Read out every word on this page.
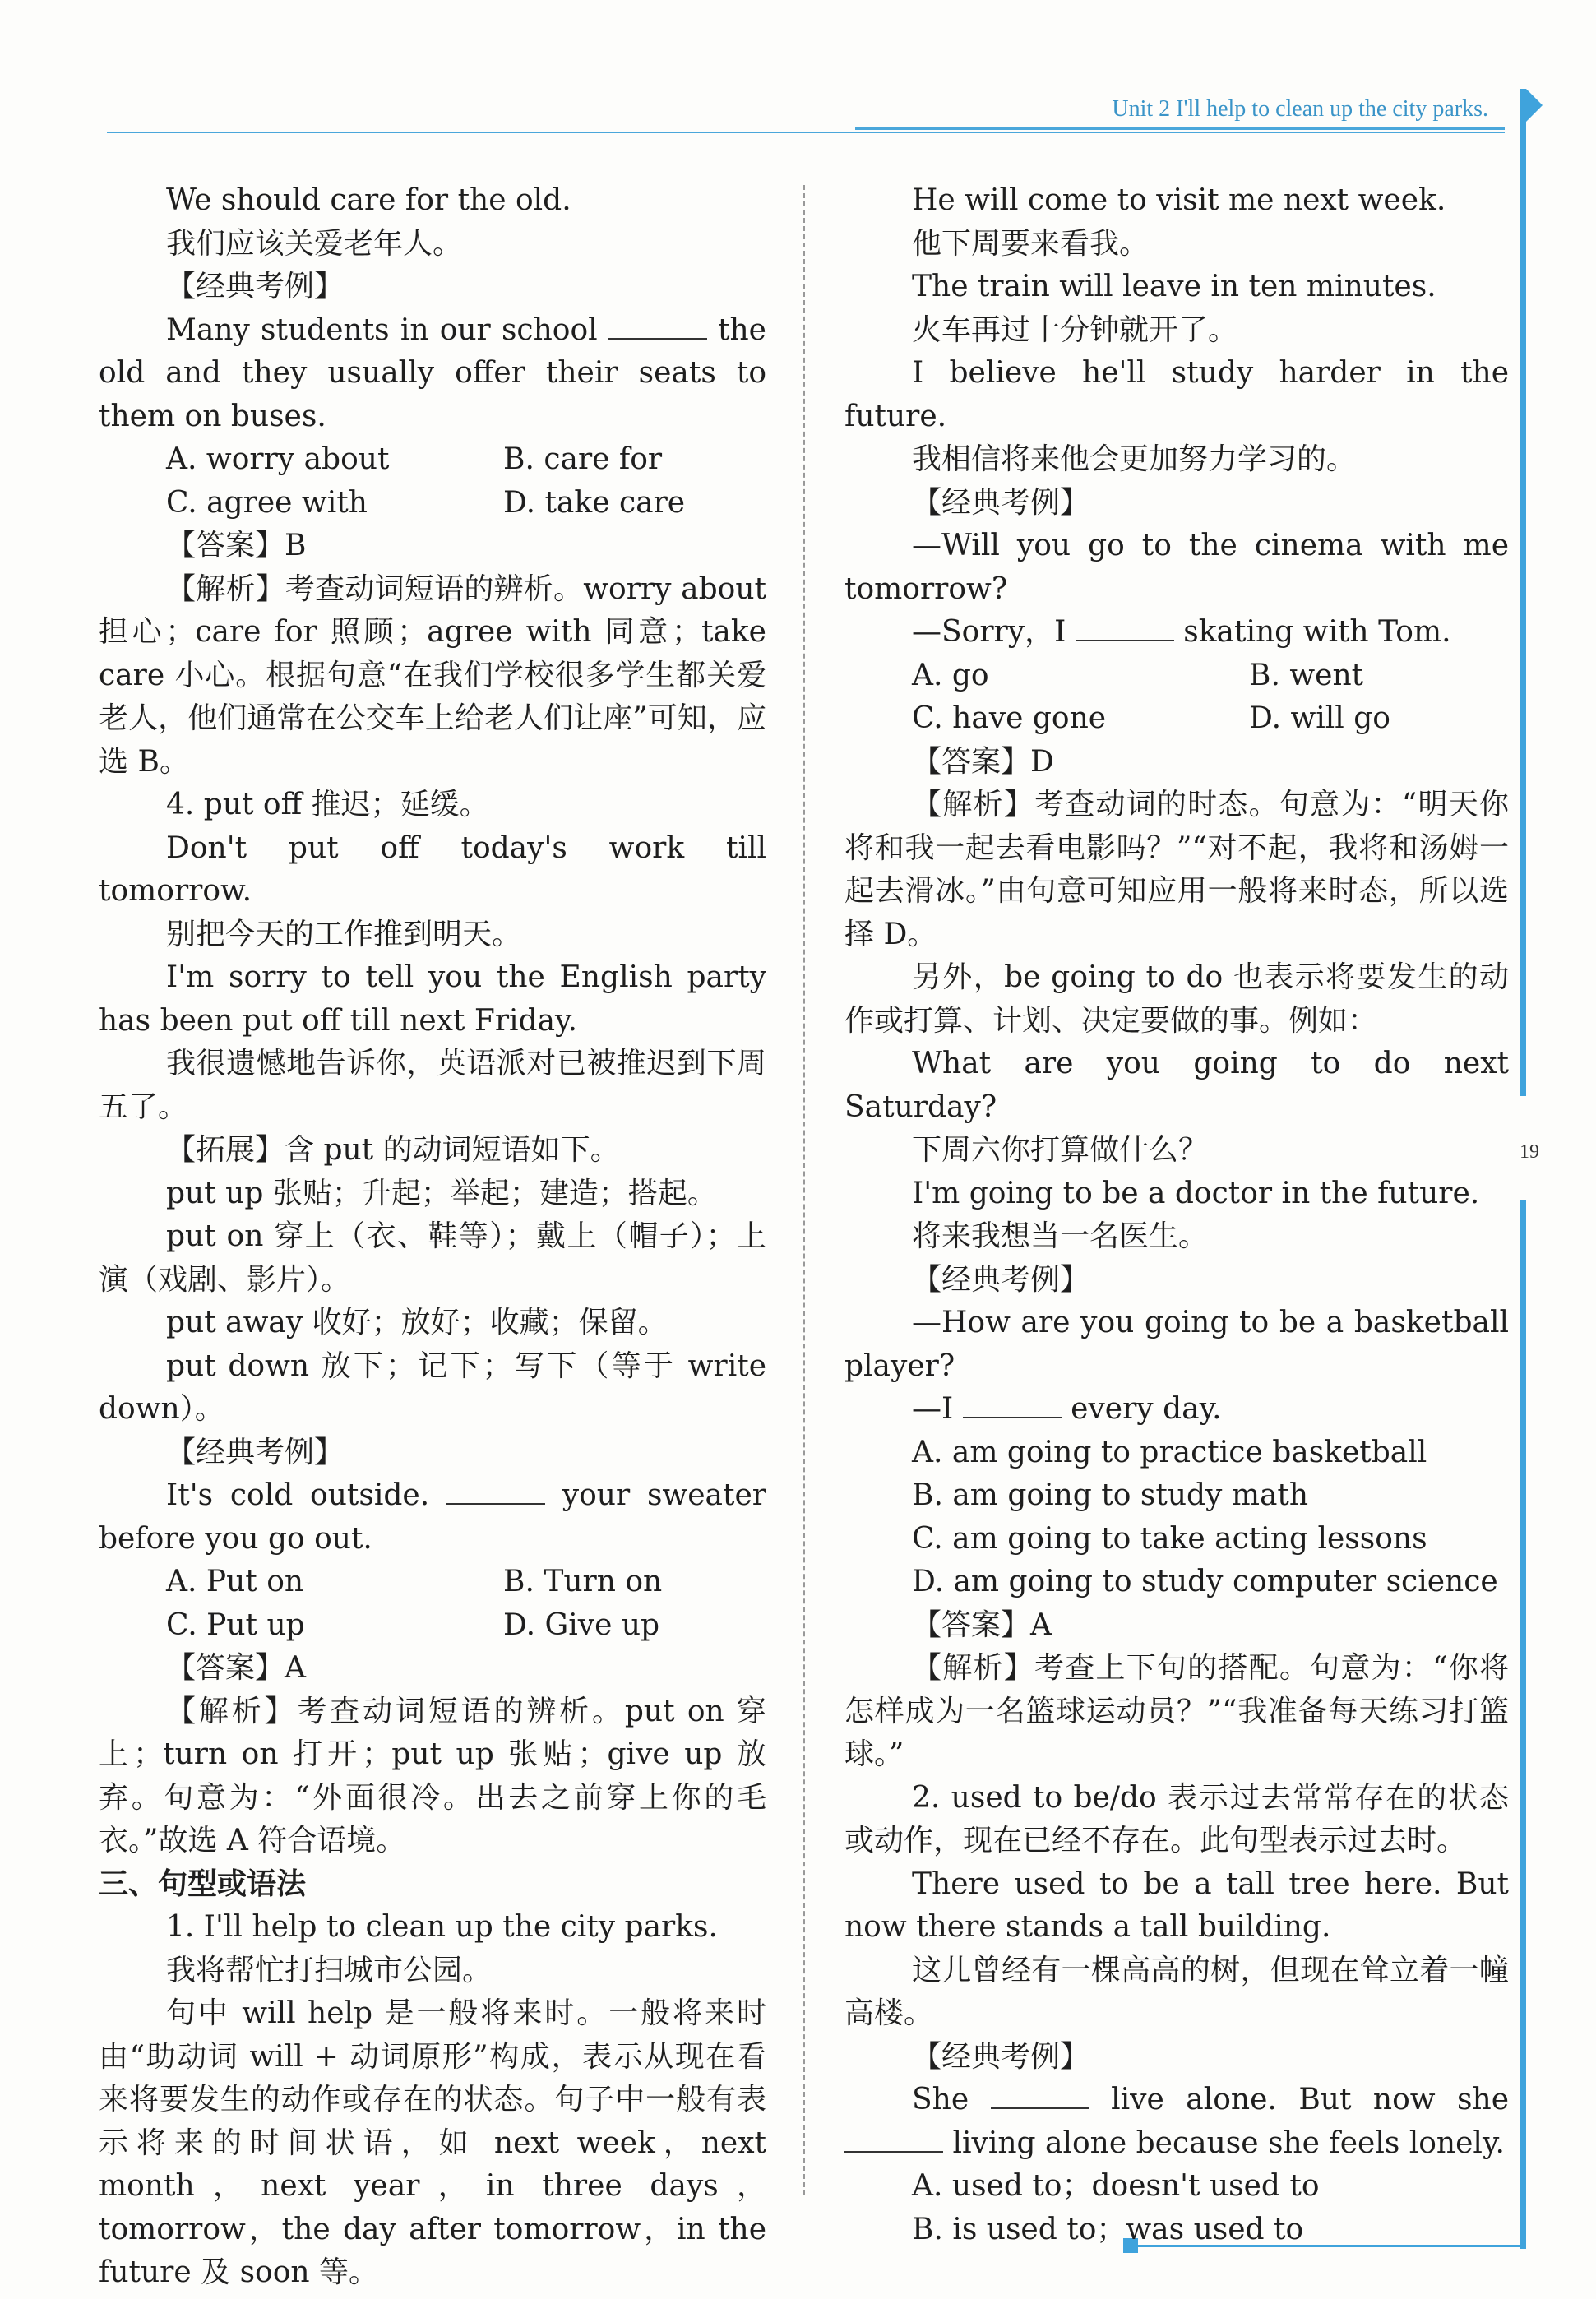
Unit 2 I'll help to clean up the city parks.
19

We should care for the old.

我们应该关爱老年人。

【经典考例】

Many students in our school	the old and they usually offer their seats to them on buses.

A. worry about	B. care for
C. agree with	D. take care

【答案】B

【解析】考查动词短语的辨析。worry about担心；care for 照顾；agree with 同意；take care 小心。根据句意“在我们学校很多学生都关爱老人，他们通常在公交车上给老人们让座”可知，应选 B。

4. put off 推迟；延缓。

Don't put off today's work till tomorrow.

别把今天的工作推到明天。

I'm sorry to tell you the English party has been put off till next Friday.

我很遗憾地告诉你，英语派对已被推迟到下周五了。

【拓展】含 put 的动词短语如下。

put up 张贴；升起；举起；建造；搭起。

put on 穿上（衣、鞋等）；戴上（帽子）；上演（戏剧、影片）。

put away 收好；放好；收藏；保留。

put down 放下；记下；写下（等于 write down）。

【经典考例】

It's cold outside.	your sweater before you go out.

A. Put on	B. Turn on
C. Put up	D. Give up

【答案】A

【解析】考查动词短语的辨析。put on 穿上；turn on 打开；put up 张贴；give up 放弃。句意为：“外面很冷。出去之前穿上你的毛衣。”故选 A 符合语境。

三、句型或语法

1. I'll help to clean up the city parks.

我将帮忙打扫城市公园。

句中 will help 是一般将来时。一般将来时由“助动词 will + 动词原形”构成，表示从现在看来将要发生的动作或存在的状态。句子中一般有表示将来的时间状语，如 next week，next month，next year，in three days，tomorrow，the day after tomorrow，in the future 及 soon 等。

He will come to visit me next week.

他下周要来看我。

The train will leave in ten minutes.

火车再过十分钟就开了。

I believe he'll study harder in the future.

我相信将来他会更加努力学习的。

【经典考例】

—Will you go to the cinema with me tomorrow?

—Sorry，I	skating with Tom.

A. go	B. went
C. have gone	D. will go

【答案】D

【解析】考查动词的时态。句意为：“明天你将和我一起去看电影吗？”“对不起，我将和汤姆一起去滑冰。”由句意可知应用一般将来时态，所以选择 D。

另外，be going to do 也表示将要发生的动作或打算、计划、决定要做的事。例如：

What are you going to do next Saturday?

下周六你打算做什么？

I'm going to be a doctor in the future.

将来我想当一名医生。

【经典考例】

—How are you going to be a basketball player?

—I	every day.

A. am going to practice basketball

B. am going to study math

C. am going to take acting lessons

D. am going to study computer science

【答案】A

【解析】考查上下句的搭配。句意为：“你将怎样成为一名篮球运动员？”“我准备每天练习打篮球。”

2. used to be/do 表示过去常常存在的状态或动作，现在已经不存在。此句型表示过去时。

There used to be a tall tree here. But now there stands a tall building.

这儿曾经有一棵高高的树，但现在耸立着一幢高楼。

【经典考例】

She	live alone. But now she  living alone because she feels lonely.

A. used to；doesn't used to

B. is used to；was used to
